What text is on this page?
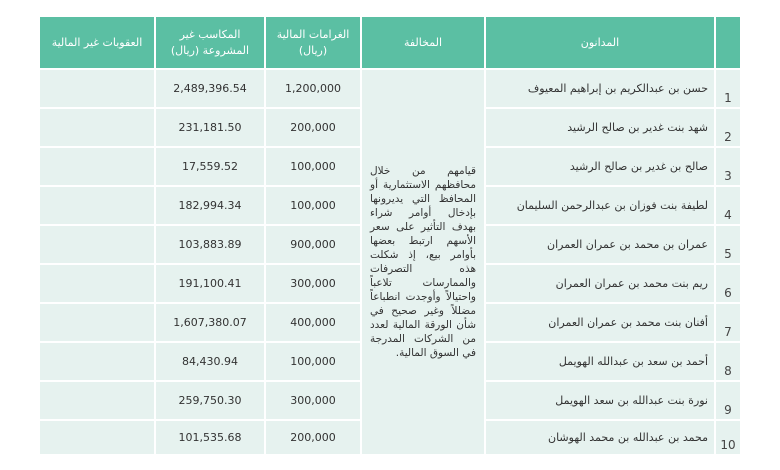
	المدانون	المخالفة	الغرامات المالية (ريال)	المكاسب غير المشروعة (ريال)	العقوبات غير المالية
1	حسن بن عبدالكريم بن إبراهيم المعيوف	قيامهم من خلال محافظهم الاستثمارية أو المحافظ التي يديرونها بإدخال أوامر شراء بهدف التأثير على سعر الأسهم ارتبط بعضها بأوامر بيع، إذ شكلت هذه التصرفات والممارسات تلاعباً واحتيالاً وأوجدت انطباعاً مضللاً وغير صحيح في شأن الورقة المالية لعدد من الشركات المدرجة في السوق المالية.	1,200,000	2,489,396.54	
2	شهد بنت غدير بن صالح الرشيد		200,000	231,181.50	
3	صالح بن غدير بن صالح الرشيد		100,000	17,559.52	
4	لطيفة بنت فوزان بن عبدالرحمن السليمان		100,000	182,994.34	
5	عمران بن محمد بن عمران العمران		900,000	103,883.89	
6	ريم بنت محمد بن عمران العمران		300,000	191,100.41	
7	أفنان بنت محمد بن عمران العمران		400,000	1,607,380.07	
8	أحمد بن سعد بن عبدالله الهويمل		100,000	84,430.94	
9	نورة بنت عبدالله بن سعد الهويمل		300,000	259,750.30	
10	محمد بن عبدالله بن محمد الهوشان		200,000	101,535.68	
